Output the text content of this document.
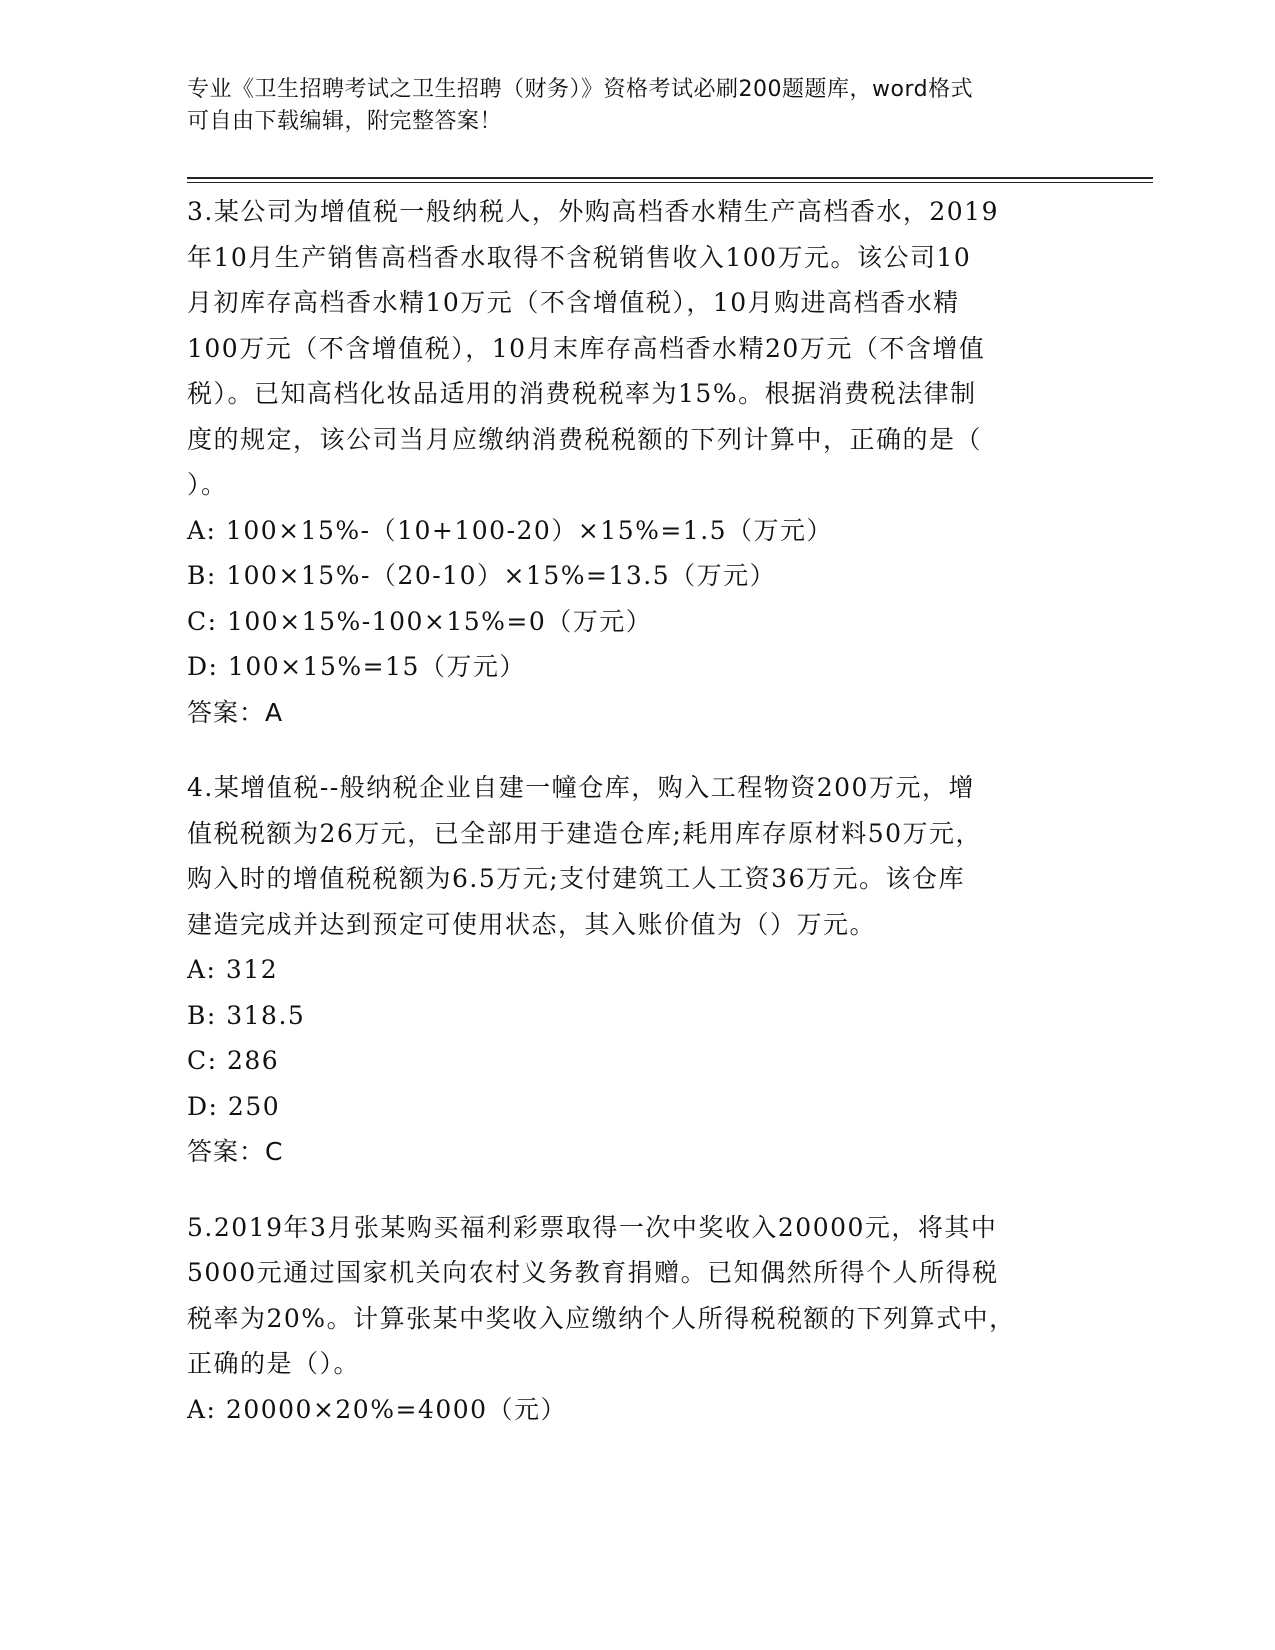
专业《卫生招聘考试之卫生招聘（财务）》资格考试必刷200题题库，word格式
可自由下载编辑，附完整答案！
3.某公司为增值税一般纳税人，外购高档香水精生产高档香水，2019
年10月生产销售高档香水取得不含税销售收入100万元。该公司10
月初库存高档香水精10万元（不含增值税），10月购进高档香水精
100万元（不含增值税），10月末库存高档香水精20万元（不含增值
税）。已知高档化妆品适用的消费税税率为15%。根据消费税法律制
度的规定，该公司当月应缴纳消费税税额的下列计算中，正确的是（
）。
A: 100×15%-（10+100-20）×15%=1.5（万元）
B: 100×15%-（20-10）×15%=13.5（万元）
C: 100×15%-100×15%=0（万元）
D: 100×15%=15（万元）
答案：A
4.某增值税--般纳税企业自建一幢仓库，购入工程物资200万元，增
值税税额为26万元，已全部用于建造仓库;耗用库存原材料50万元，
购入时的增值税税额为6.5万元;支付建筑工人工资36万元。该仓库
建造完成并达到预定可使用状态，其入账价值为（）万元。
A: 312
B: 318.5
C: 286
D: 250
答案：C
5.2019年3月张某购买福利彩票取得一次中奖收入20000元，将其中
5000元通过国家机关向农村义务教育捐赠。已知偶然所得个人所得税
税率为20%。计算张某中奖收入应缴纳个人所得税税额的下列算式中，
正确的是（）。
A: 20000×20%=4000（元）
